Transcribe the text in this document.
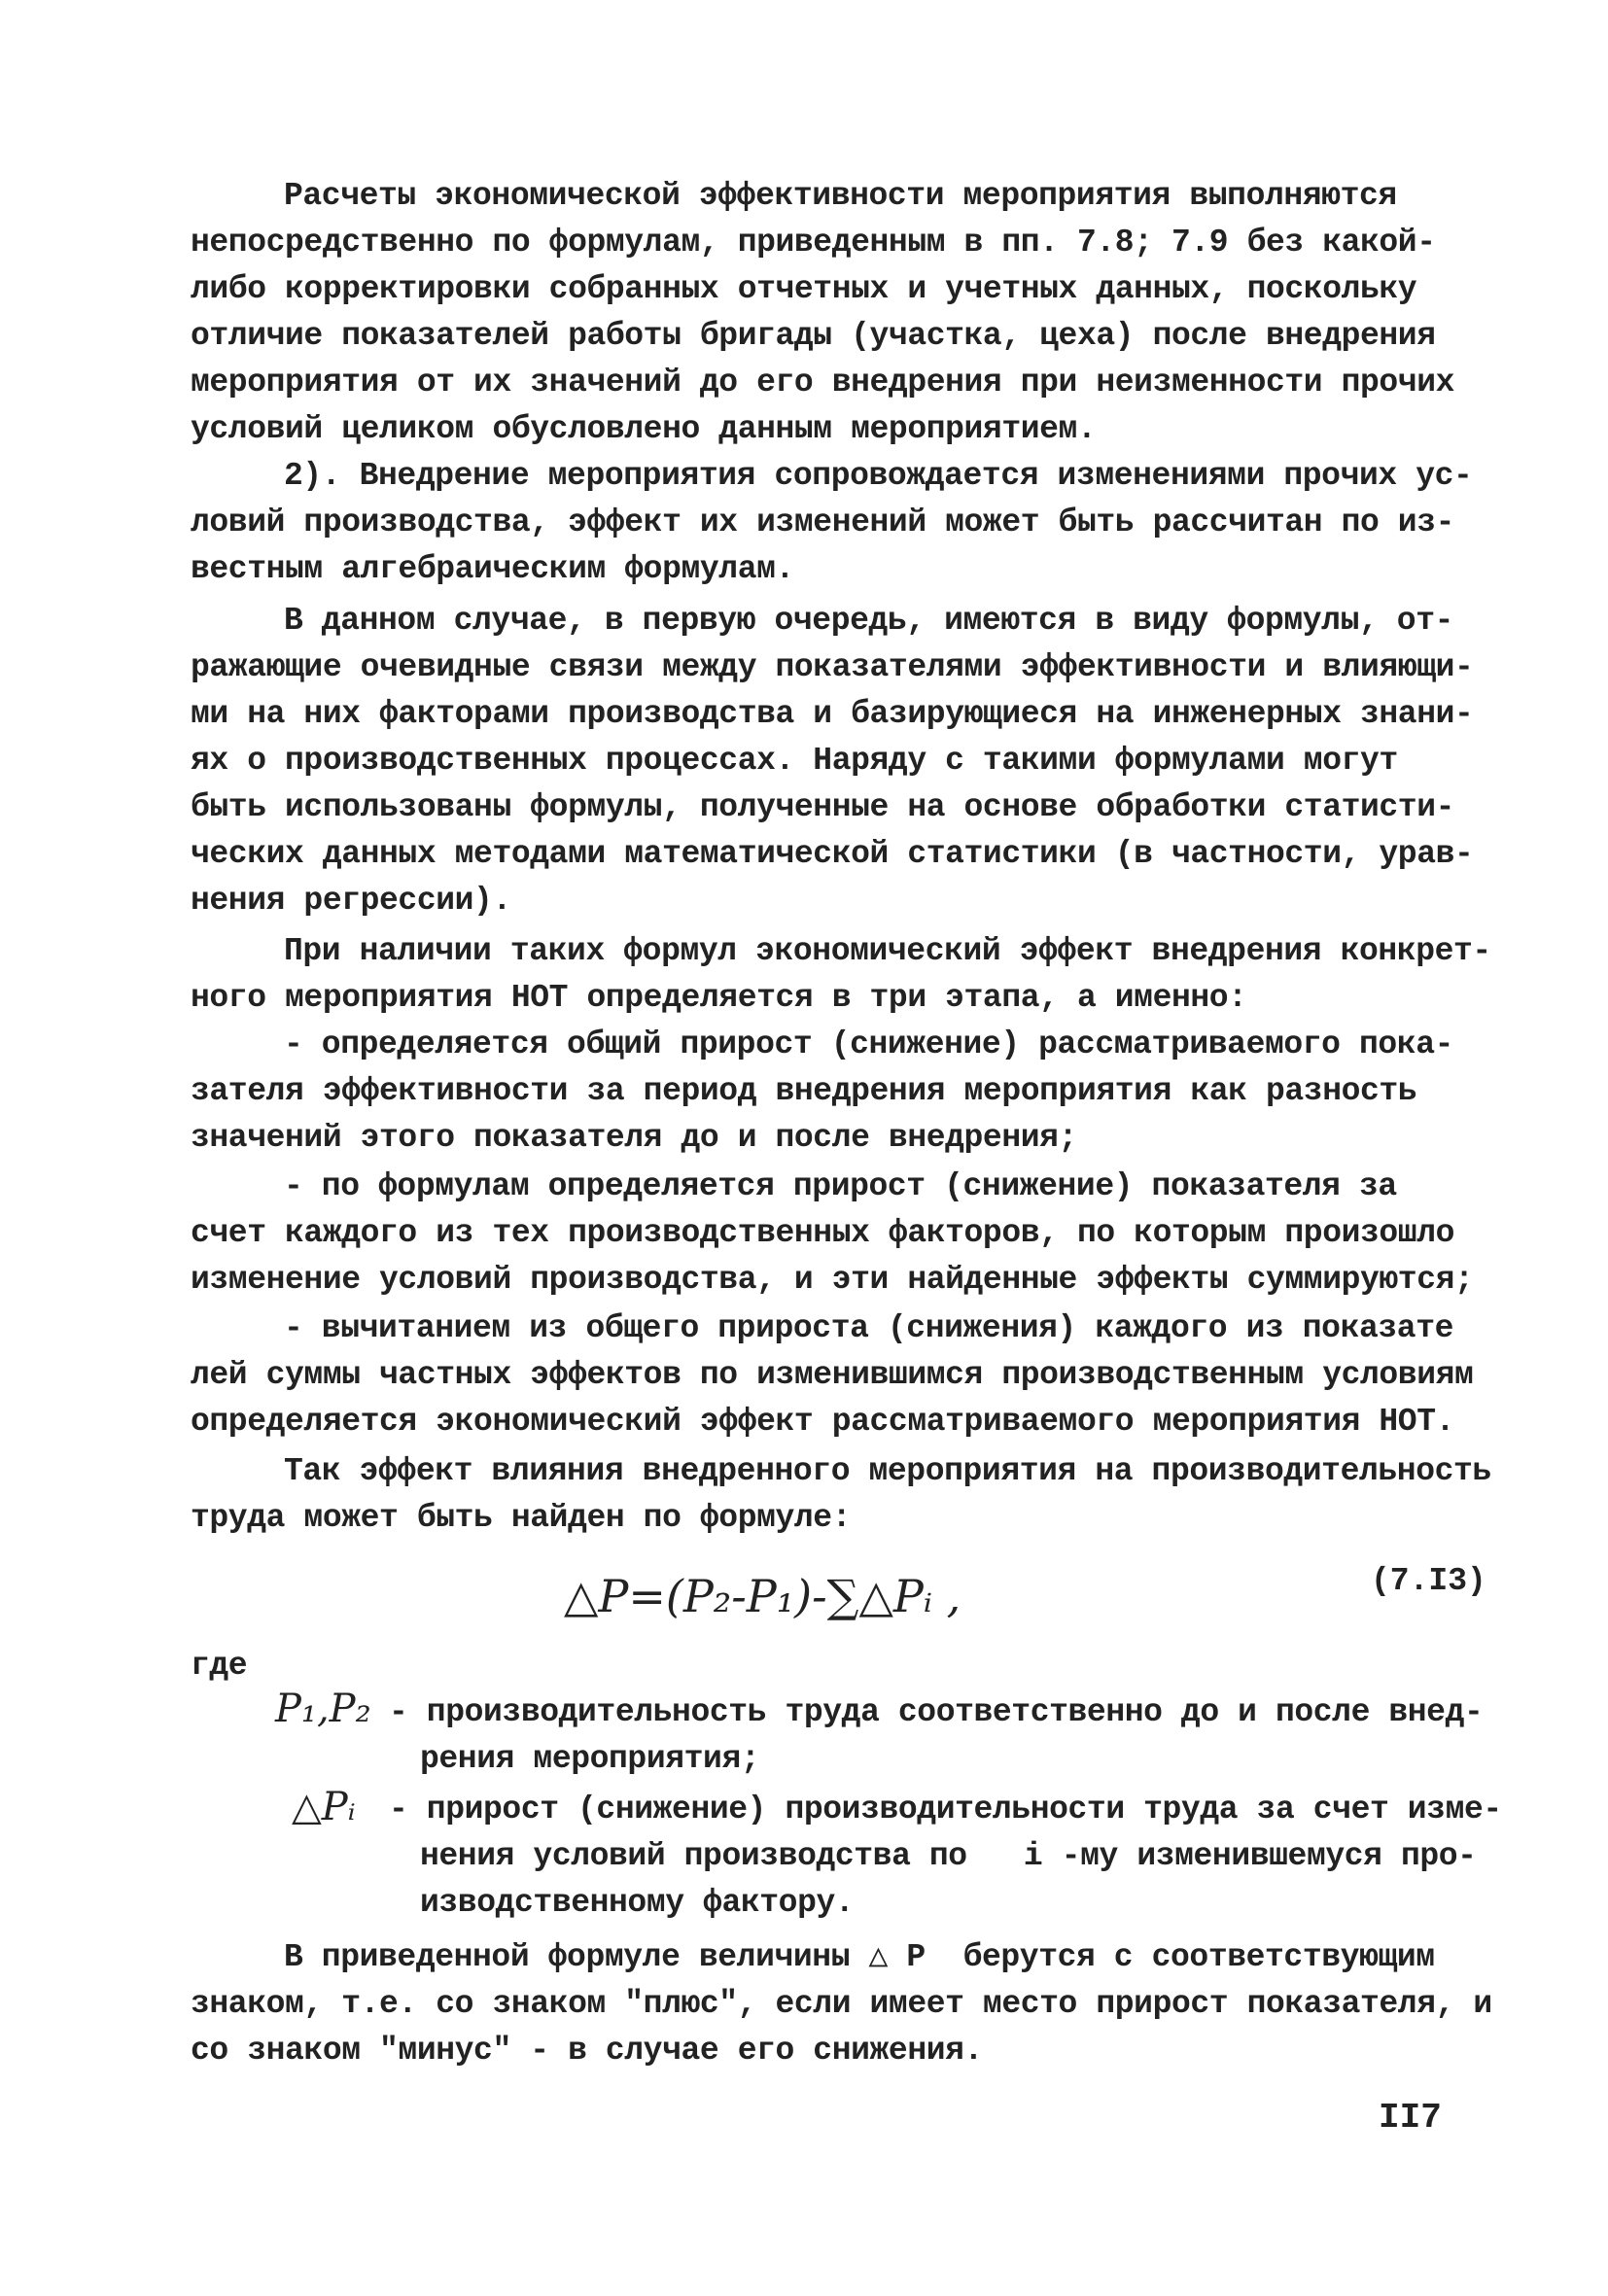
Расчеты экономической эффективности мероприятия выполняются
непосредственно по формулам, приведенным в пп. 7.8; 7.9 без какой-
либо корректировки собранных отчетных и учетных данных, поскольку
отличие показателей работы бригады (участка, цеха) после внедрения
мероприятия от их значений до его внедрения при неизменности прочих
условий целиком обусловлено данным мероприятием.
2). Внедрение мероприятия сопровождается изменениями прочих ус-
ловий производства, эффект их изменений может быть рассчитан по из-
вестным алгебраическим формулам.
В данном случае, в первую очередь, имеются в виду формулы, от-
ражающие очевидные связи между показателями эффективности и влияющи-
ми на них факторами производства и базирующиеся на инженерных знани-
ях о производственных процессах. Наряду с такими формулами могут
быть использованы формулы, полученные на основе обработки статисти-
ческих данных методами математической статистики (в частности, урав-
нения регрессии).
При наличии таких формул экономический эффект внедрения конкрет-
ного мероприятия НОТ определяется в три этапа, а именно:
- определяется общий прирост (снижение) рассматриваемого пока-
зателя эффективности за период внедрения мероприятия как разность
значений этого показателя до и после внедрения;
- по формулам определяется прирост (снижение) показателя за
счет каждого из тех производственных факторов, по которым произошло
изменение условий производства, и эти найденные эффекты суммируются;
- вычитанием из общего прироста (снижения) каждого из показате
лей суммы частных эффектов по изменившимся производственным условиям
определяется экономический эффект рассматриваемого мероприятия НОТ.
Так эффект влияния внедренного мероприятия на производительность
труда может быть найден по формуле:
△P=(P₂-P₁)-∑△Pᵢ ,	(7.I3)
где
P₁,P₂ - производительность труда соответственно до и после внед-
рения мероприятия;
△Pᵢ - прирост (снижение) производительности труда за счет изме-
нения условий производства по   i -му изменившемуся про-
изводственному фактору.
В приведенной формуле величины △ P  берутся с соответствующим
знаком, т.е. со знаком "плюс", если имеет место прирост показателя, и
со знаком "минус" - в случае его снижения.
II7
